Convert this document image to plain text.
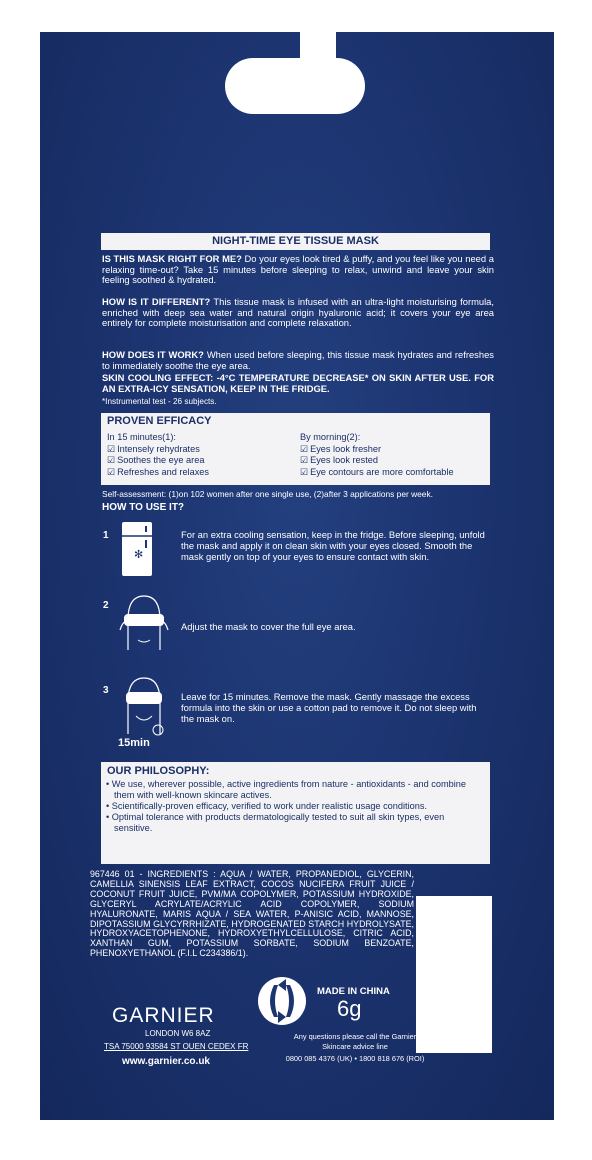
NIGHT-TIME EYE TISSUE MASK
IS THIS MASK RIGHT FOR ME? Do your eyes look tired & puffy, and you feel like you need a relaxing time-out? Take 15 minutes before sleeping to relax, unwind and leave your skin feeling soothed & hydrated.
HOW IS IT DIFFERENT? This tissue mask is infused with an ultra-light moisturising formula, enriched with deep sea water and natural origin hyaluronic acid; it covers your eye area entirely for complete moisturisation and complete relaxation.
HOW DOES IT WORK? When used before sleeping, this tissue mask hydrates and refreshes to immediately soothe the eye area.
SKIN COOLING EFFECT: -4°C TEMPERATURE DECREASE* ON SKIN AFTER USE. FOR AN EXTRA-ICY SENSATION, KEEP IN THE FRIDGE.
*Instrumental test - 26 subjects.
PROVEN EFFICACY
In 15 minutes(1):
☑ Intensely rehydrates
☑ Soothes the eye area
☑ Refreshes and relaxes
By morning(2):
☑ Eyes look fresher
☑ Eyes look rested
☑ Eye contours are more comfortable
Self-assessment: (1)on 102 women after one single use, (2)after 3 applications per week.
HOW TO USE IT?
1
✻
For an extra cooling sensation, keep in the fridge. Before sleeping, unfold the mask and apply it on clean skin with your eyes closed. Smooth the mask gently on top of your eyes to ensure contact with skin.
2
Adjust the mask to cover the full eye area.
3
15min
Leave for 15 minutes. Remove the mask. Gently massage the excess formula into the skin or use a cotton pad to remove it. Do not sleep with the mask on.
OUR PHILOSOPHY:
• We use, wherever possible, active ingredients from nature - antioxidants - and combine them with well-known skincare actives.
• Scientifically-proven efficacy, verified to work under realistic usage conditions.
• Optimal tolerance with products dermatologically tested to suit all skin types, even sensitive.
967446 01 - INGREDIENTS : AQUA / WATER, PROPANEDIOL, GLYCERIN, CAMELLIA SINENSIS LEAF EXTRACT, COCOS NUCIFERA FRUIT JUICE / COCONUT FRUIT JUICE, PVM/MA COPOLYMER, POTASSIUM HYDROXIDE, GLYCERYL ACRYLATE/ACRYLIC ACID COPOLYMER, SODIUM HYALURONATE, MARIS AQUA / SEA WATER, P-ANISIC ACID, MANNOSE, DIPOTASSIUM GLYCYRRHIZATE, HYDROGENATED STARCH HYDROLYSATE, HYDROXYACETOPHENONE, HYDROXYETHYLCELLULOSE, CITRIC ACID, XANTHAN GUM, POTASSIUM SORBATE, SODIUM BENZOATE, PHENOXYETHANOL (F.I.L C234386/1).
GARNIER
LONDON W6 8AZ
TSA 75000 93584 ST OUEN CEDEX FR
www.garnier.co.uk
MADE IN CHINA
6g
Any questions please call the Garnier
Skincare advice line
0800 085 4376 (UK) • 1800 818 676 (ROI)
